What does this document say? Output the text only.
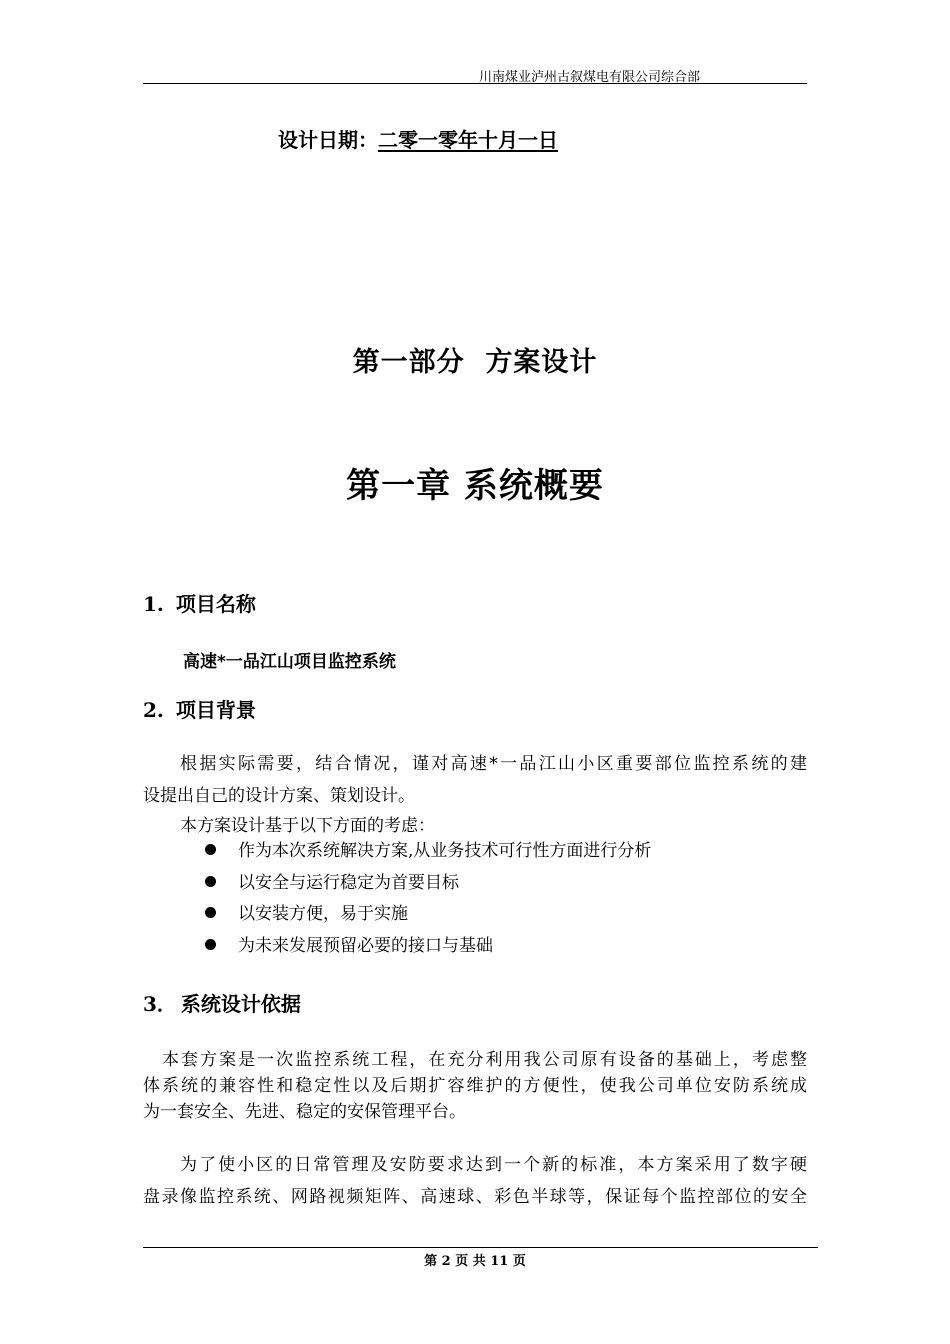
川南煤业泸州古叙煤电有限公司综合部
设计日期：二零一零年十月一日
第一部分  方案设计
第一章 系统概要
1. 项目名称
高速*一品江山项目监控系统
2. 项目背景

根据实际需要，结合情况，谨对高速*一品江山小区重要部位监控系统的建

设提出自己的设计方案、策划设计。

本方案设计基于以下方面的考虑：

作为本次系统解决方案,从业务技术可行性方面进行分析
以安全与运行稳定为首要目标
以安装方便，易于实施
为未来发展预留必要的接口与基础
3． 系统设计依据

本套方案是一次监控系统工程，在充分利用我公司原有设备的基础上，考虑整

体系统的兼容性和稳定性以及后期扩容维护的方便性，使我公司单位安防系统成

为一套安全、先进、稳定的安保管理平台。

为了使小区的日常管理及安防要求达到一个新的标准，本方案采用了数字硬

盘录像监控系统、网路视频矩阵、高速球、彩色半球等，保证每个监控部位的安全

第 2 页 共 11 页
